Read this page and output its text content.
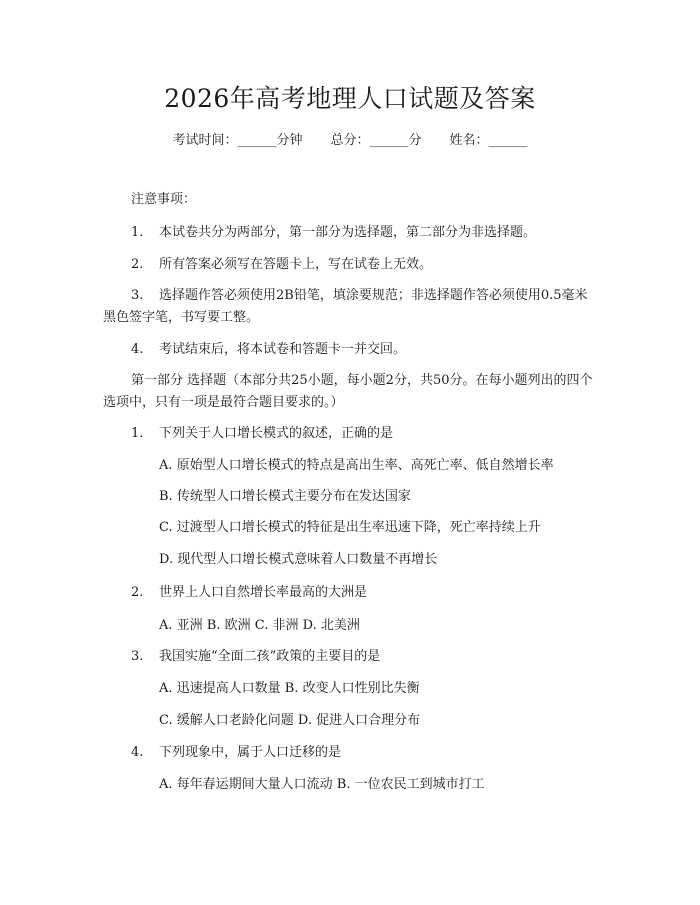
2026年高考地理人口试题及答案
考试时间：______分钟 总分：______分 姓名：______
注意事项：
1. 本试卷共分为两部分，第一部分为选择题，第二部分为非选择题。
2. 所有答案必须写在答题卡上，写在试卷上无效。
3. 选择题作答必须使用2B铅笔，填涂要规范；非选择题作答必须使用0.5毫米黑色签字笔，书写要工整。
4. 考试结束后，将本试卷和答题卡一并交回。
第一部分 选择题（本部分共25小题，每小题2分，共50分。在每小题列出的四个选项中，只有一项是最符合题目要求的。）
1. 下列关于人口增长模式的叙述，正确的是
A. 原始型人口增长模式的特点是高出生率、高死亡率、低自然增长率
B. 传统型人口增长模式主要分布在发达国家
C. 过渡型人口增长模式的特征是出生率迅速下降，死亡率持续上升
D. 现代型人口增长模式意味着人口数量不再增长
2. 世界上人口自然增长率最高的大洲是
A. 亚洲 B. 欧洲 C. 非洲 D. 北美洲
3. 我国实施“全面二孩”政策的主要目的是
A. 迅速提高人口数量 B. 改变人口性别比失衡
C. 缓解人口老龄化问题 D. 促进人口合理分布
4. 下列现象中，属于人口迁移的是
A. 每年春运期间大量人口流动 B. 一位农民工到城市打工
